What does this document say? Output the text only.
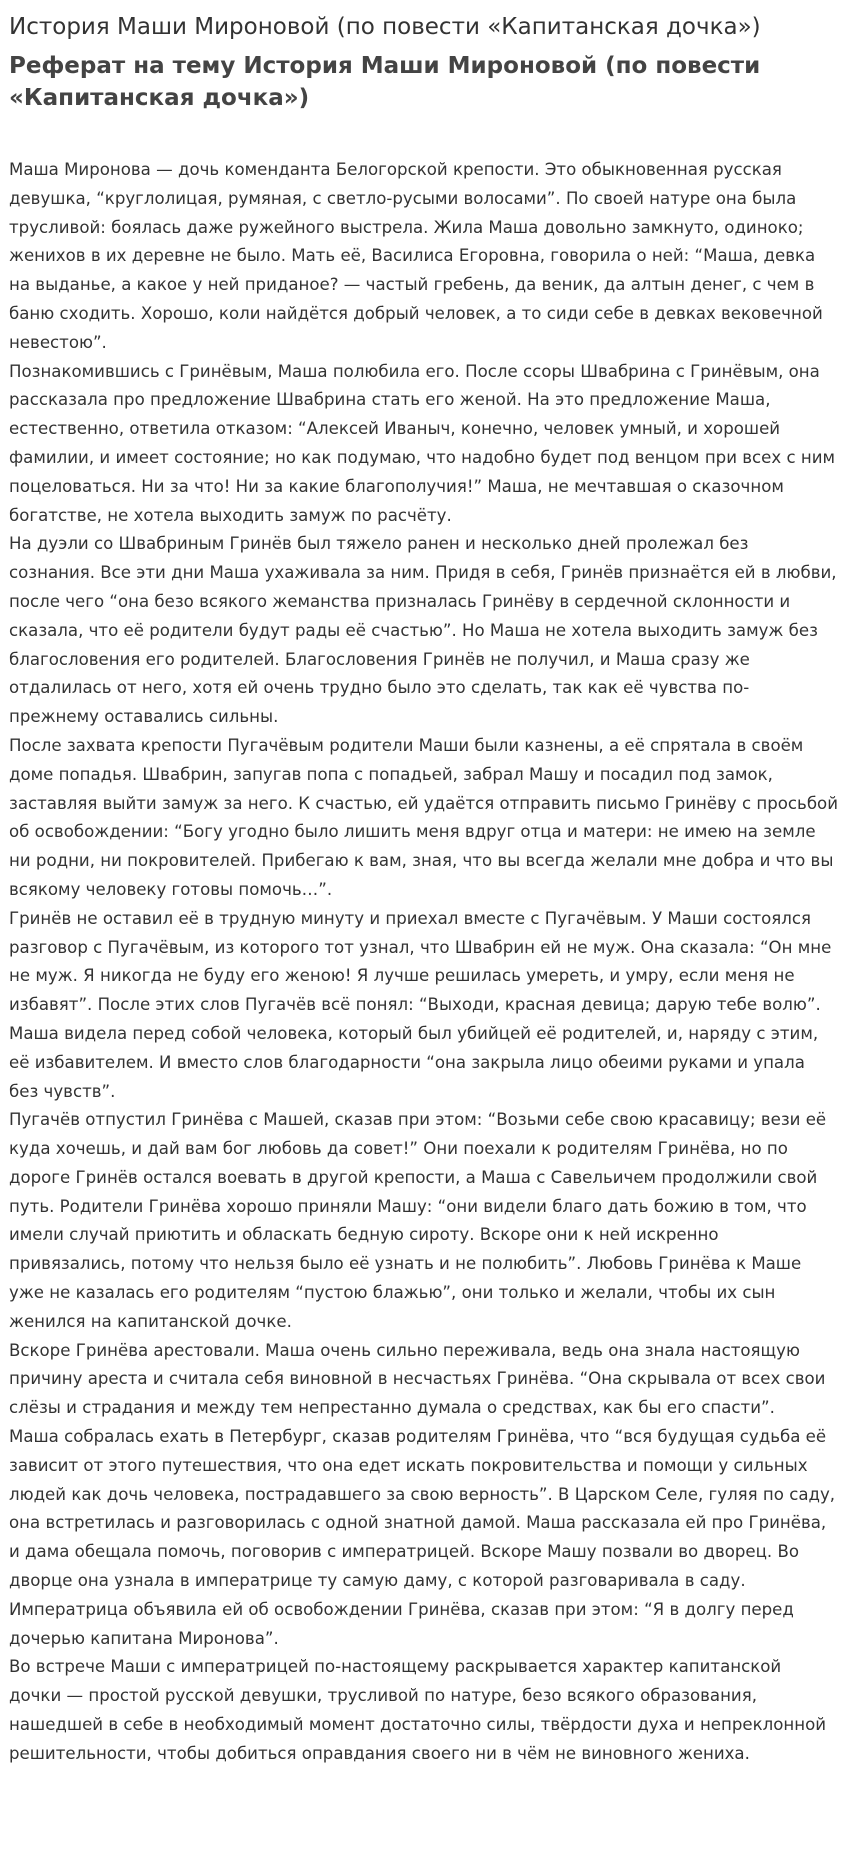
История Маши Мироновой (по повести «Капитанская дочка»)
Реферат на тему История Маши Мироновой (по повести «Капитанская дочка»)

Маша Миронова — дочь коменданта Белогорской крепости. Это обыкновенная русская девушка, “круглолицая, румяная, с светло-русыми волосами”. По своей натуре она была трусливой: боялась даже ружейного выстрела. Жила Маша довольно замкнуто, одиноко; женихов в их деревне не было. Мать её, Василиса Егоровна, говорила о ней: “Маша, девка на выданье, а какое у ней приданое? — частый гребень, да веник, да алтын денег, с чем в баню сходить. Хорошо, коли найдётся добрый человек, а то сиди себе в девках вековечной невестою”.

Познакомившись с Гринёвым, Маша полюбила его. После ссоры Швабрина с Гринёвым, она рассказала про предложение Швабрина стать его женой. На это предложение Маша, естественно, ответила отказом: “Алексей Иваныч, конечно, человек умный, и хорошей фамилии, и имеет состояние; но как подумаю, что надобно будет под венцом при всех с ним поцеловаться. Ни за что! Ни за какие благополучия!” Маша, не мечтавшая о сказочном богатстве, не хотела выходить замуж по расчёту.

На дуэли со Швабриным Гринёв был тяжело ранен и несколько дней пролежал без сознания. Все эти дни Маша ухаживала за ним. Придя в себя, Гринёв признаётся ей в любви, после чего “она безо всякого жеманства призналась Гринёву в сердечной склонности и сказала, что её родители будут рады её счастью”. Но Маша не хотела выходить замуж без благословения его родителей. Благословения Гринёв не получил, и Маша сразу же отдалилась от него, хотя ей очень трудно было это сделать, так как её чувства по-прежнему оставались сильны.

После захвата крепости Пугачёвым родители Маши были казнены, а её спрятала в своём доме попадья. Швабрин, запугав попа с попадьей, забрал Машу и посадил под замок, заставляя выйти замуж за него. К счастью, ей удаётся отправить письмо Гринёву с просьбой об освобождении: “Богу угодно было лишить меня вдруг отца и матери: не имею на земле ни родни, ни покровителей. Прибегаю к вам, зная, что вы всегда желали мне добра и что вы всякому человеку готовы помочь…”.

Гринёв не оставил её в трудную минуту и приехал вместе с Пугачёвым. У Маши состоялся разговор с Пугачёвым, из которого тот узнал, что Швабрин ей не муж. Она сказала: “Он мне не муж. Я никогда не буду его женою! Я лучше решилась умереть, и умру, если меня не избавят”. После этих слов Пугачёв всё понял: “Выходи, красная девица; дарую тебе волю”. Маша видела перед собой человека, который был убийцей её родителей, и, наряду с этим, её избавителем. И вместо слов благодарности “она закрыла лицо обеими руками и упала без чувств”.

Пугачёв отпустил Гринёва с Машей, сказав при этом: “Возьми себе свою красавицу; вези её куда хочешь, и дай вам бог любовь да совет!” Они поехали к родителям Гринёва, но по дороге Гринёв остался воевать в другой крепости, а Маша с Савельичем продолжили свой путь. Родители Гринёва хорошо приняли Машу: “они видели благо дать божию в том, что имели случай приютить и обласкать бедную сироту. Вскоре они к ней искренно привязались, потому что нельзя было её узнать и не полюбить”. Любовь Гринёва к Маше уже не казалась его родителям “пустою блажью”, они только и желали, чтобы их сын женился на капитанской дочке.

Вскоре Гринёва арестовали. Маша очень сильно переживала, ведь она знала настоящую причину ареста и считала себя виновной в несчастьях Гринёва. “Она скрывала от всех свои слёзы и страдания и между тем непрестанно думала о средствах, как бы его спасти”.

Маша собралась ехать в Петербург, сказав родителям Гринёва, что “вся будущая судьба её зависит от этого путешествия, что она едет искать покровительства и помощи у сильных людей как дочь человека, пострадавшего за свою верность”. В Царском Селе, гуляя по саду, она встретилась и разговорилась с одной знатной дамой. Маша рассказала ей про Гринёва, и дама обещала помочь, поговорив с императрицей. Вскоре Машу позвали во дворец. Во дворце она узнала в императрице ту самую даму, с которой разговаривала в саду. Императрица объявила ей об освобождении Гринёва, сказав при этом: “Я в долгу перед дочерью капитана Миронова”.

Во встрече Маши с императрицей по-настоящему раскрывается характер капитанской дочки — простой русской девушки, трусливой по натуре, безо всякого образования, нашедшей в себе в необходимый момент достаточно силы, твёрдости духа и непреклонной решительности, чтобы добиться оправдания своего ни в чём не виновного жениха.
